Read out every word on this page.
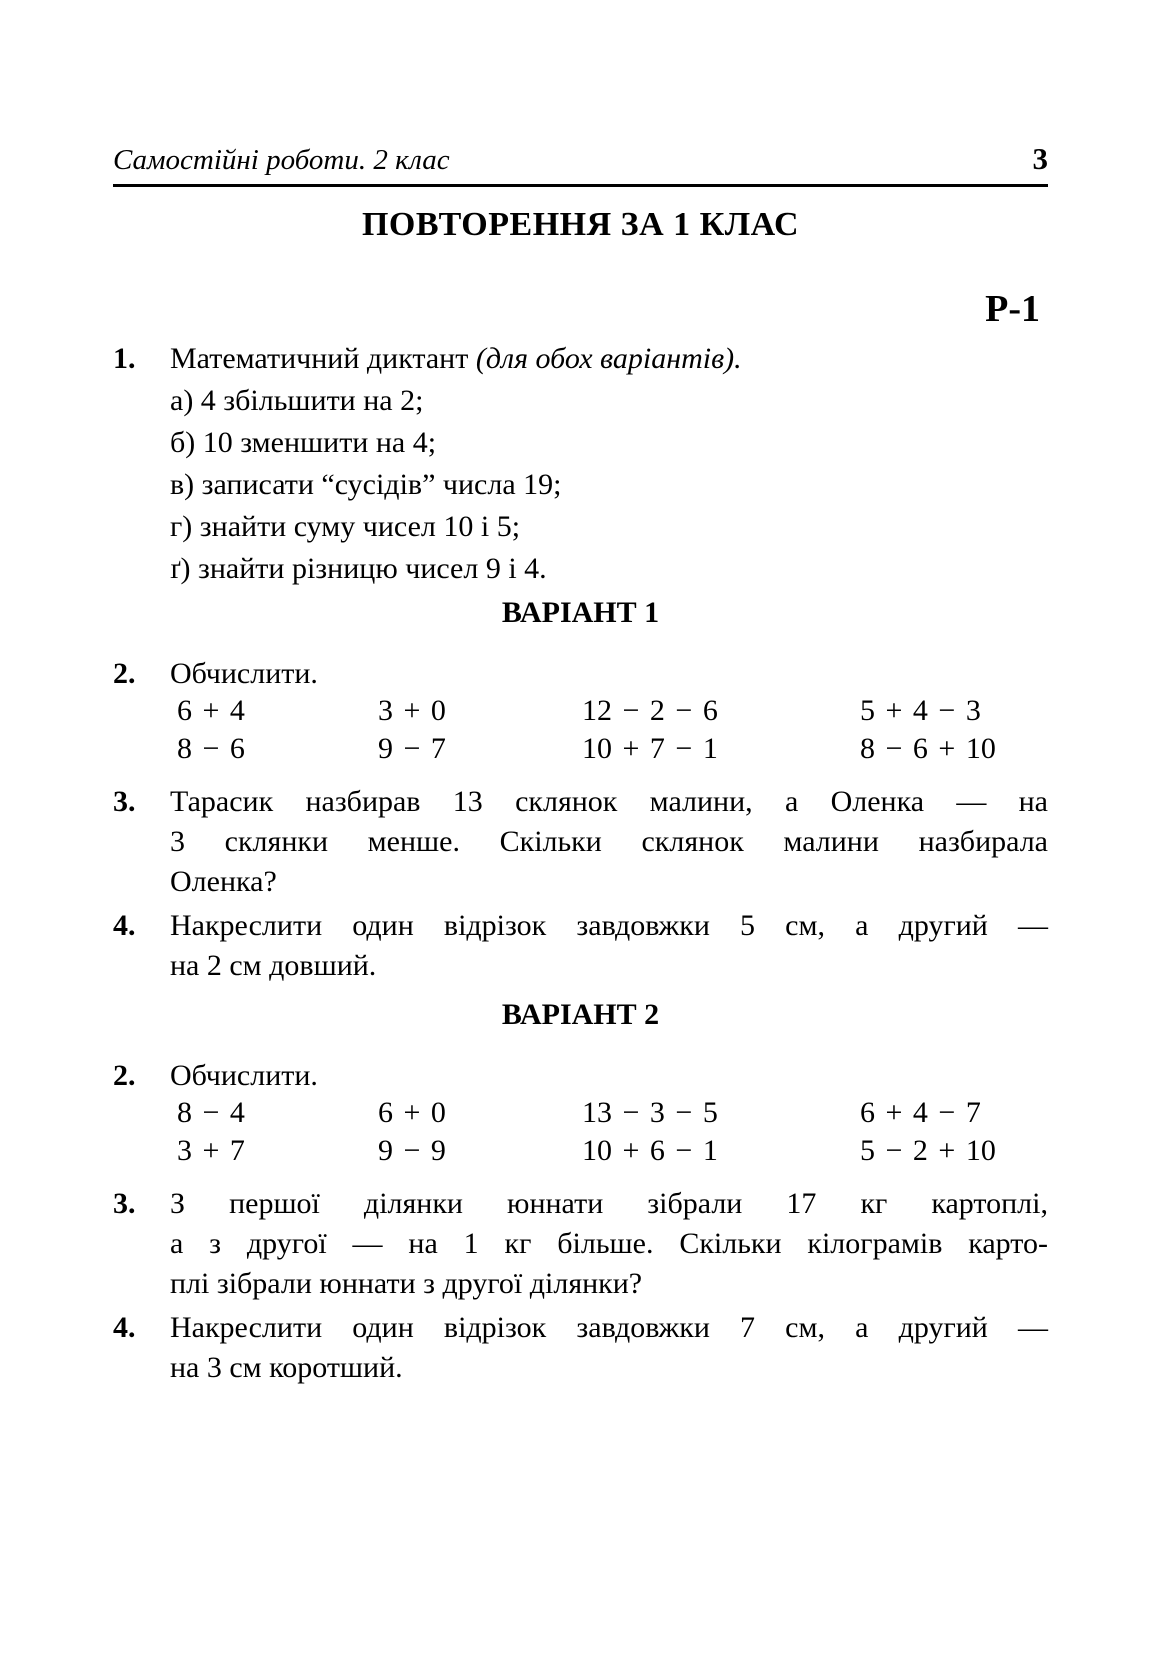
Самостійні роботи. 2 клас	3
ПОВТОРЕННЯ ЗА 1 КЛАС
Р-1
1.	Математичний диктант (для обох варіантів).
а) 4 збільшити на 2;
б) 10 зменшити на 4;
в) записати “сусідів” числа 19;
г) знайти суму чисел 10 і 5;
ґ) знайти різницю чисел 9 і 4.
ВАРІАНТ 1
2.	Обчислити.
6 + 4	3 + 0	12 − 2 − 6	5 + 4 − 3
8 − 6	9 − 7	10 + 7 − 1	8 − 6 + 10
3.	Тарасик назбирав 13 склянок малини, а Оленка — на
3 склянки менше. Скільки склянок малини назбирала
Оленка?
4.	Накреслити один відрізок завдовжки 5 см, а другий —
на 2 см довший.
ВАРІАНТ 2
2.	Обчислити.
8 − 4	6 + 0	13 − 3 − 5	6 + 4 − 7
3 + 7	9 − 9	10 + 6 − 1	5 − 2 + 10
3.	З першої ділянки юннати зібрали 17 кг картоплі,
а з другої — на 1 кг більше. Скільки кілограмів карто-
плі зібрали юннати з другої ділянки?
4.	Накреслити один відрізок завдовжки 7 см, а другий —
на 3 см коротший.
